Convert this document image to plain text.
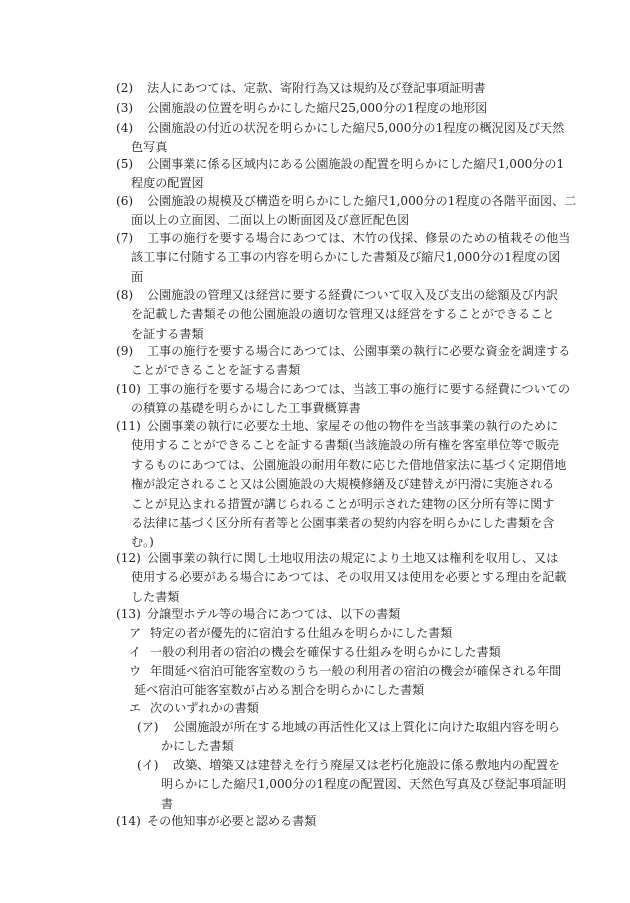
(2) 法人にあつては、定款、寄附行為又は規約及び登記事項証明書
(3) 公園施設の位置を明らかにした縮尺25,000分の1程度の地形図
(4) 公園施設の付近の状況を明らかにした縮尺5,000分の1程度の概況図及び天然
色写真
(5) 公園事業に係る区域内にある公園施設の配置を明らかにした縮尺1,000分の1
程度の配置図
(6) 公園施設の規模及び構造を明らかにした縮尺1,000分の1程度の各階平面図、二
面以上の立面図、二面以上の断面図及び意匠配色図
(7) 工事の施行を要する場合にあつては、木竹の伐採、修景のための植栽その他当
該工事に付随する工事の内容を明らかにした書類及び縮尺1,000分の1程度の図
面
(8) 公園施設の管理又は経営に要する経費について収入及び支出の総額及び内訳
を記載した書類その他公園施設の適切な管理又は経営をすることができること
を証する書類
(9) 工事の施行を要する場合にあつては、公園事業の執行に必要な資金を調達する
ことができることを証する書類
(10) 工事の施行を要する場合にあつては、当該工事の施行に要する経費についての
の積算の基礎を明らかにした工事費概算書
(11) 公園事業の執行に必要な土地、家屋その他の物件を当該事業の執行のために
使用することができることを証する書類(当該施設の所有権を客室単位等で販売
するものにあつては、公園施設の耐用年数に応じた借地借家法に基づく定期借地
権が設定されること又は公園施設の大規模修繕及び建替えが円滑に実施される
ことが見込まれる措置が講じられることが明示された建物の区分所有等に関す
る法律に基づく区分所有者等と公園事業者の契約内容を明らかにした書類を含
む。)
(12) 公園事業の執行に関し土地収用法の規定により土地又は権利を収用し、又は
使用する必要がある場合にあつては、その収用又は使用を必要とする理由を記載
した書類
(13) 分譲型ホテル等の場合にあつては、以下の書類
ア 特定の者が優先的に宿泊する仕組みを明らかにした書類
イ 一般の利用者の宿泊の機会を確保する仕組みを明らかにした書類
ウ 年間延べ宿泊可能客室数のうち一般の利用者の宿泊の機会が確保される年間
延べ宿泊可能客室数が占める割合を明らかにした書類
エ 次のいずれかの書類
(ア) 公園施設が所在する地域の再活性化又は上質化に向けた取組内容を明ら
かにした書類
(イ) 改築、増築又は建替えを行う廃屋又は老朽化施設に係る敷地内の配置を
明らかにした縮尺1,000分の1程度の配置図、天然色写真及び登記事項証明
書
(14) その他知事が必要と認める書類
